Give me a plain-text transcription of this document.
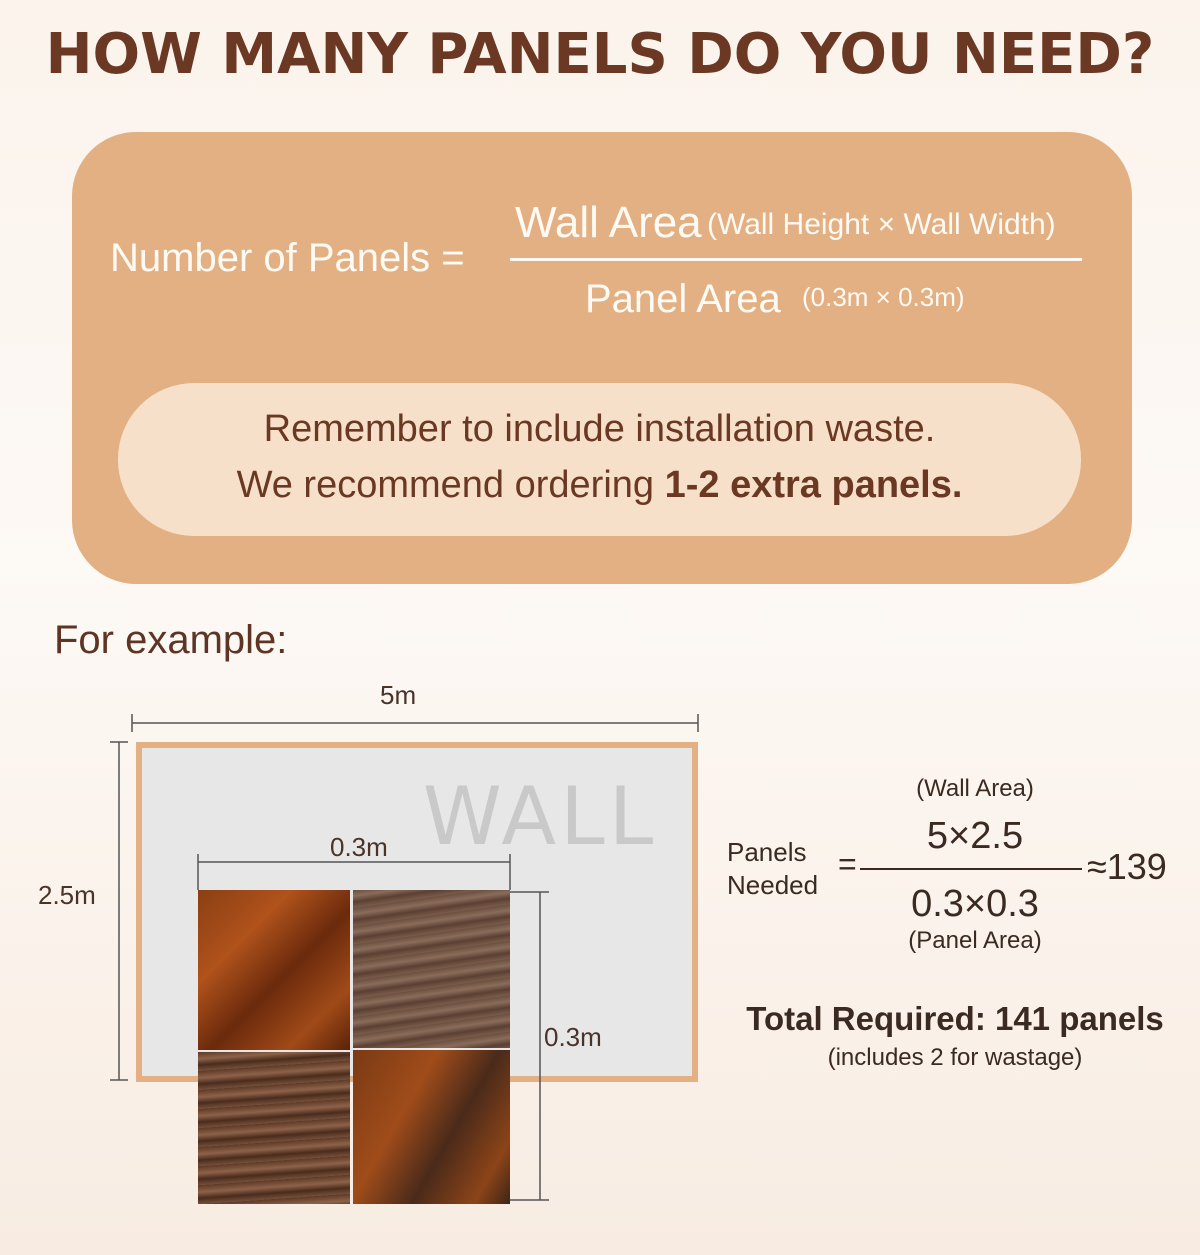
HOW MANY PANELS DO YOU NEED?
Number of Panels =
Wall Area (Wall Height × Wall Width)
Panel Area (0.3m × 0.3m)
Remember to include installation waste.
We recommend ordering 1-2 extra panels.
For example:
5m
2.5m
WALL
0.3m
0.3m
(Wall Area)
5×2.5
Panels
Needed
=	≈139
0.3×0.3
(Panel Area)
Total Required: 141 panels
(includes 2 for wastage)
